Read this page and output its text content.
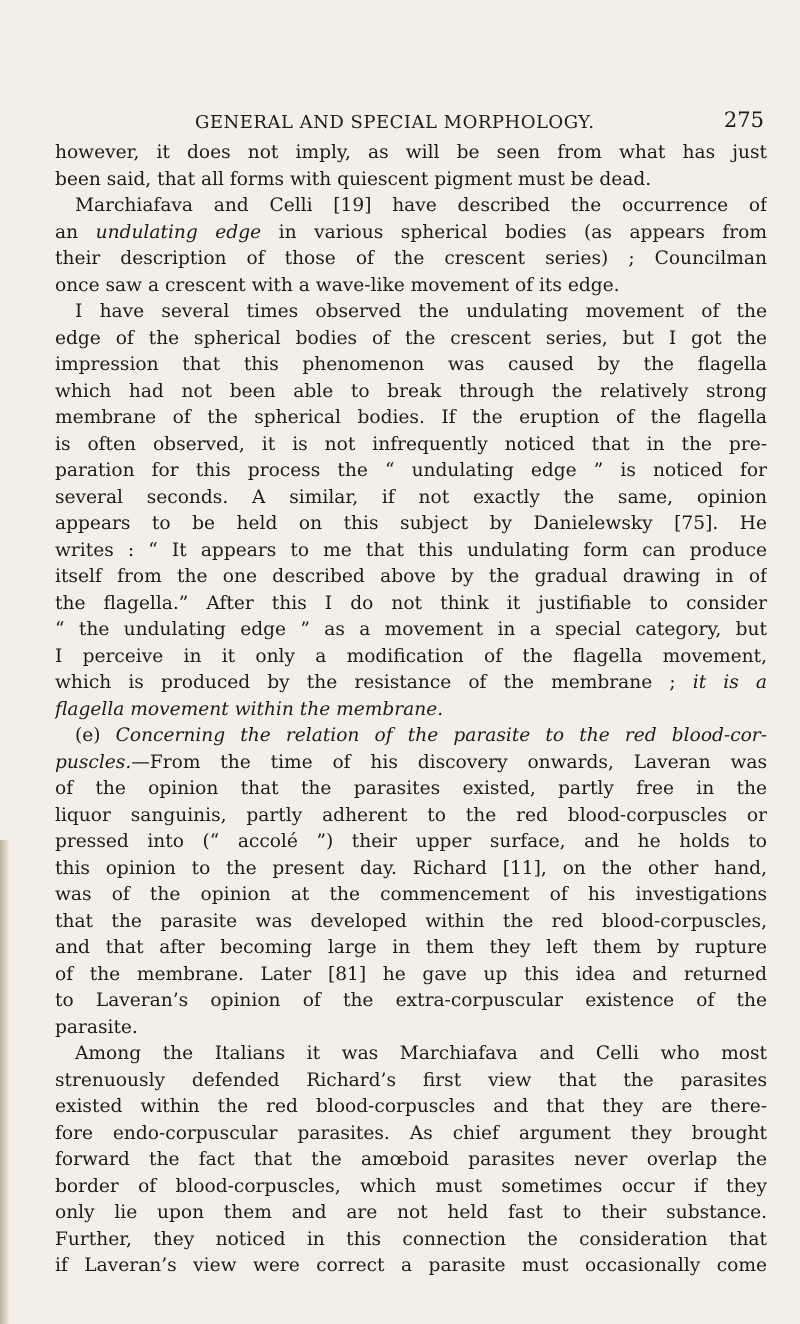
GENERAL AND SPECIAL MORPHOLOGY.	275
however, it does not imply, as will be seen from what has just
been said, that all forms with quiescent pigment must be dead.
Marchiafava and Celli [19] have described the occurrence of
an undulating edge in various spherical bodies (as appears from
their description of those of the crescent series) ; Councilman
once saw a crescent with a wave-like movement of its edge.
I have several times observed the undulating movement of the
edge of the spherical bodies of the crescent series, but I got the
impression that this phenomenon was caused by the flagella
which had not been able to break through the relatively strong
membrane of the spherical bodies. If the eruption of the flagella
is often observed, it is not infrequently noticed that in the pre-
paration for this process the “ undulating edge ” is noticed for
several seconds. A similar, if not exactly the same, opinion
appears to be held on this subject by Danielewsky [75]. He
writes : “ It appears to me that this undulating form can produce
itself from the one described above by the gradual drawing in of
the flagella.” After this I do not think it justifiable to consider
“ the undulating edge ” as a movement in a special category, but
I perceive in it only a modification of the flagella movement,
which is produced by the resistance of the membrane ; it is a
flagella movement within the membrane.
(e) Concerning the relation of the parasite to the red blood-cor-
puscles.—From the time of his discovery onwards, Laveran was
of the opinion that the parasites existed, partly free in the
liquor sanguinis, partly adherent to the red blood-corpuscles or
pressed into (“ accolé ”) their upper surface, and he holds to
this opinion to the present day. Richard [11], on the other hand,
was of the opinion at the commencement of his investigations
that the parasite was developed within the red blood-corpuscles,
and that after becoming large in them they left them by rupture
of the membrane. Later [81] he gave up this idea and returned
to Laveran’s opinion of the extra-corpuscular existence of the
parasite.
Among the Italians it was Marchiafava and Celli who most
strenuously defended Richard’s first view that the parasites
existed within the red blood-corpuscles and that they are there-
fore endo-corpuscular parasites. As chief argument they brought
forward the fact that the amœboid parasites never overlap the
border of blood-corpuscles, which must sometimes occur if they
only lie upon them and are not held fast to their substance.
Further, they noticed in this connection the consideration that
if Laveran’s view were correct a parasite must occasionally come
